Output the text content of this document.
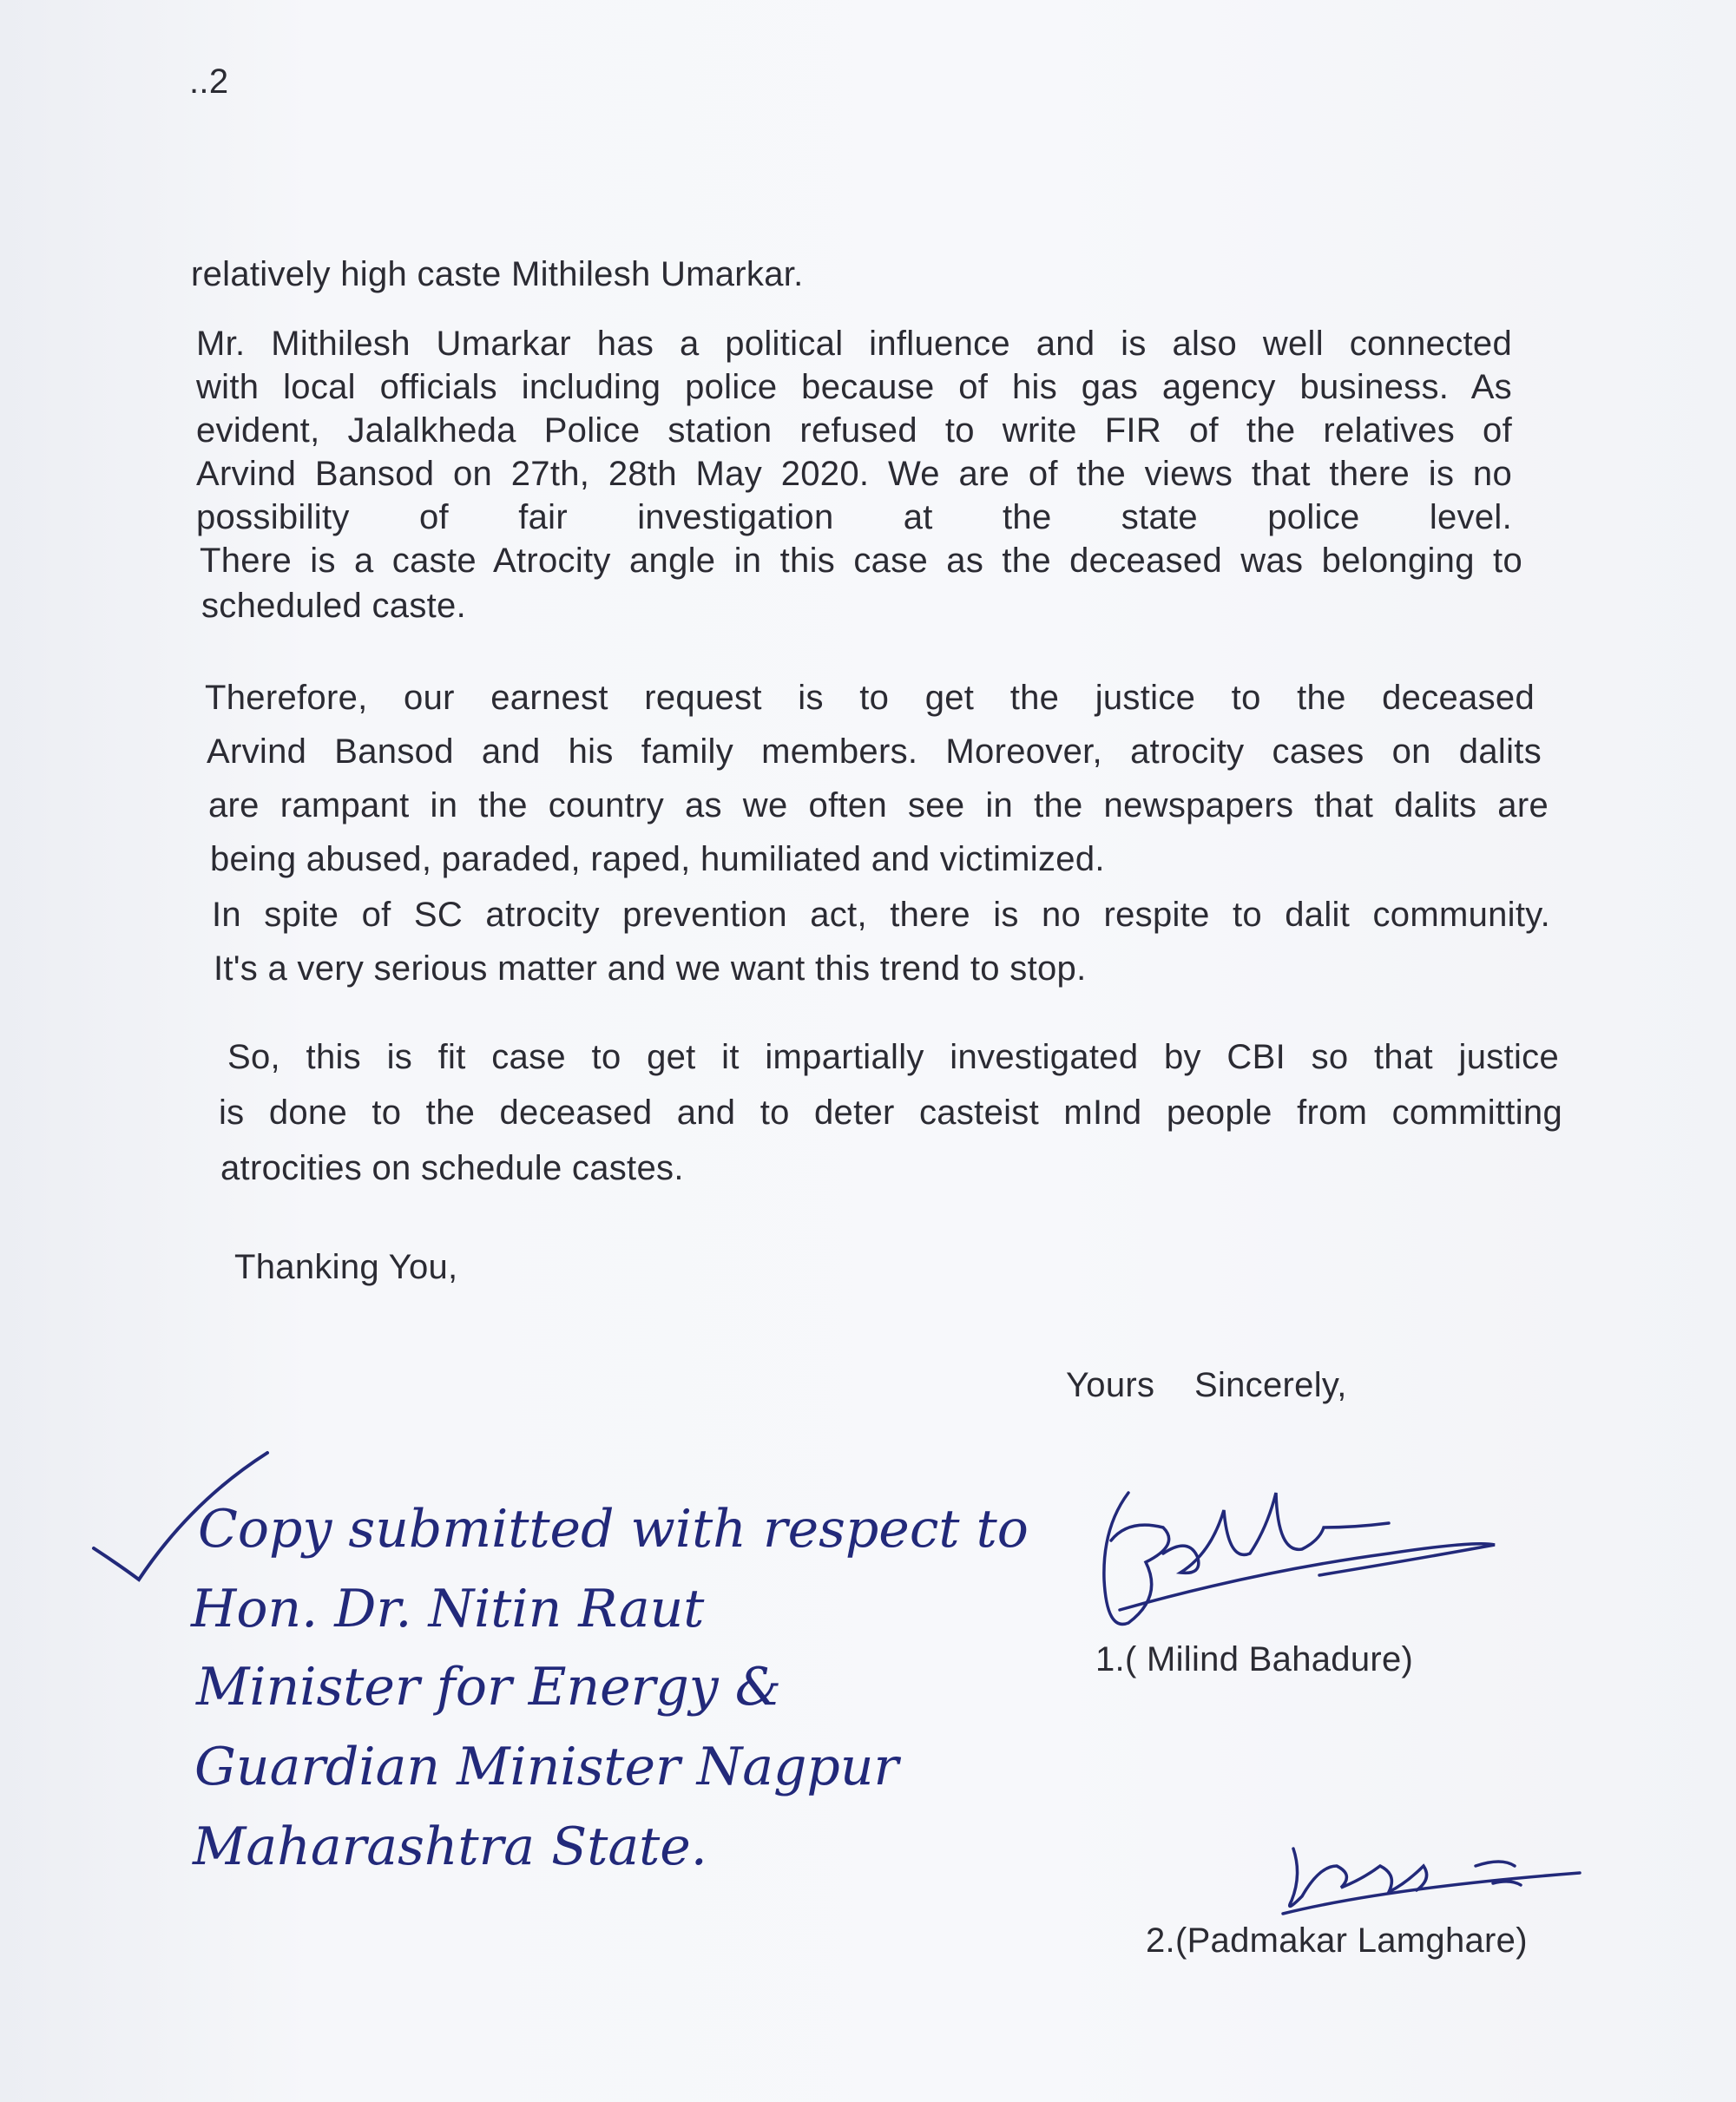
..2
relatively high caste Mithilesh Umarkar.
Mr. Mithilesh Umarkar has a political influence and is also well connected
with local officials including police because of his gas agency business. As
evident, Jalalkheda Police station refused to write FIR of the relatives of
Arvind Bansod on 27th, 28th May 2020. We are of the views that there is no
possibility of fair investigation at the state police level.
There is a caste Atrocity angle in this case as the deceased was belonging to
scheduled caste.
Therefore, our earnest request is to get the justice to the deceased
Arvind Bansod and his family members. Moreover, atrocity cases on dalits
are rampant in the country as we often see in the newspapers that dalits are
being abused, paraded, raped, humiliated and victimized.
In spite of SC atrocity prevention act, there is no respite to dalit community.
It's a very serious matter and we want this trend to stop.
So, this is fit case to get it impartially investigated by CBI so that justice
is done to the deceased and to deter casteist mInd people from committing
atrocities on schedule castes.
Thanking You,
Yours    Sincerely,
1.( Milind Bahadure)
2.(Padmakar Lamghare)
Copy submitted with respect to
Hon. Dr. Nitin Raut
Minister for Energy &
Guardian Minister Nagpur
Maharashtra State.
